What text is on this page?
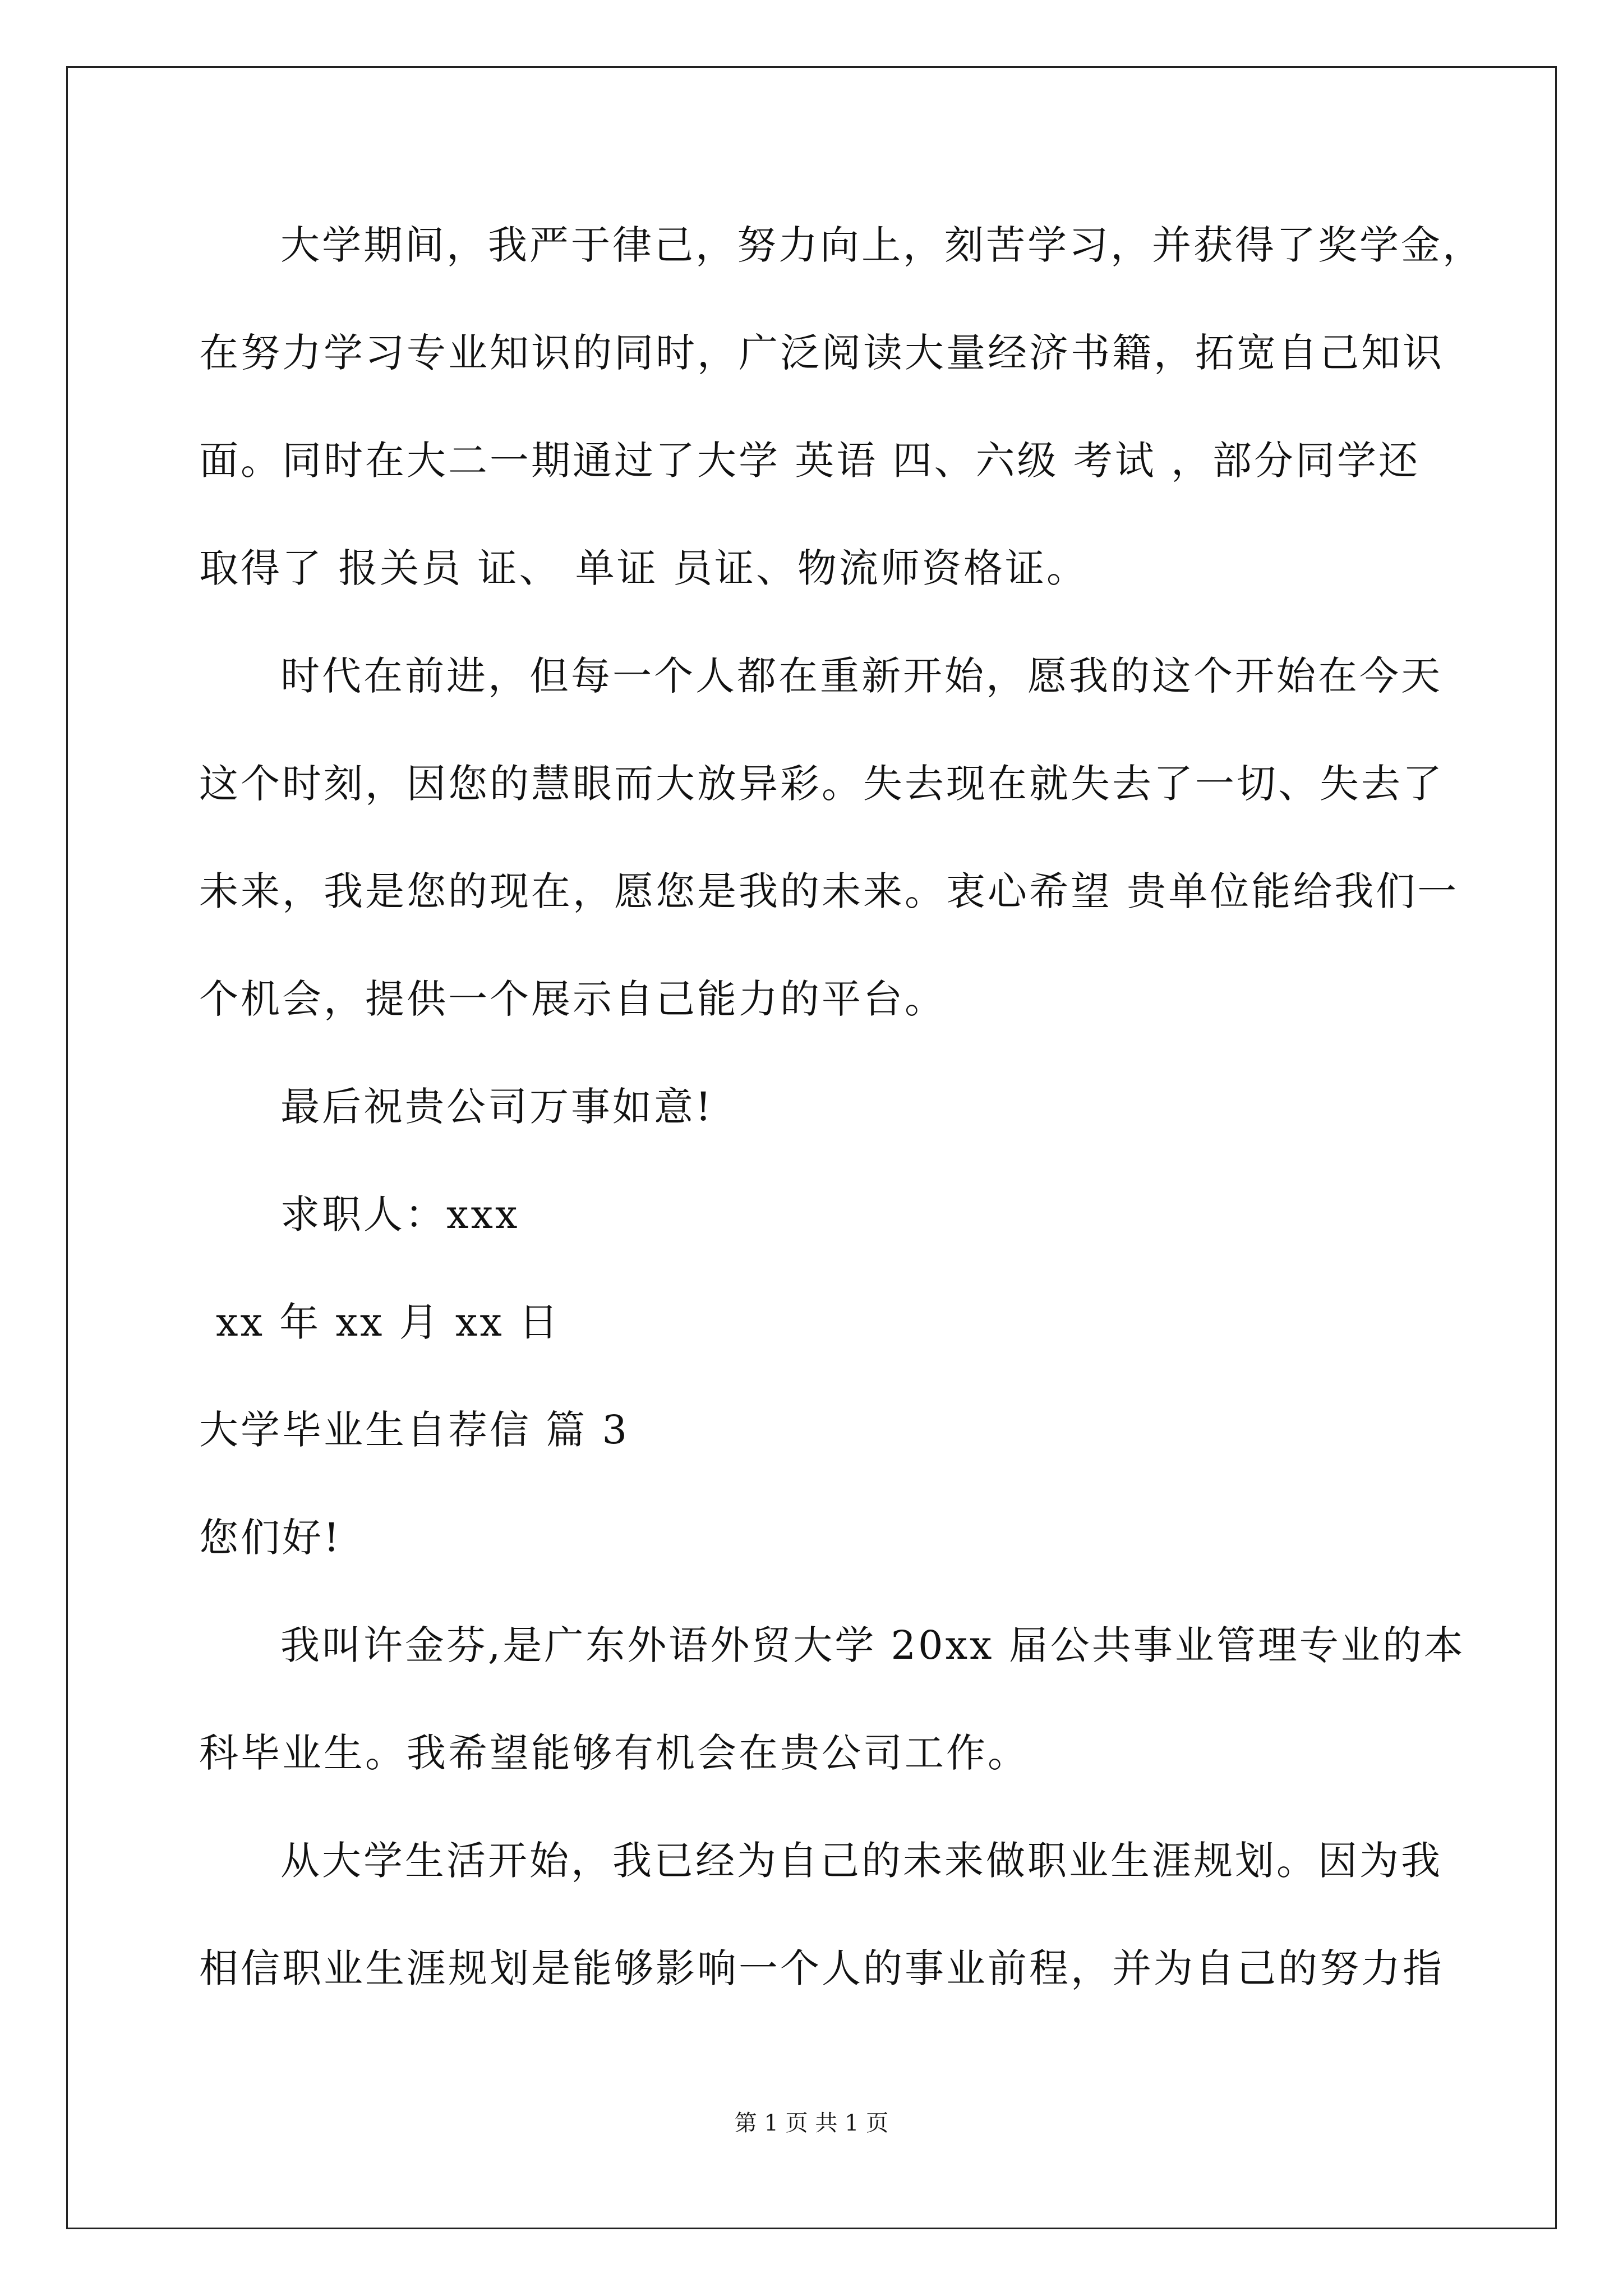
大学期间，我严于律己，努力向上，刻苦学习，并获得了奖学金，
在努力学习专业知识的同时，广泛阅读大量经济书籍，拓宽自己知识
面。同时在大二一期通过了大学 英语 四、六级 考试 ，部分同学还
取得了 报关员 证、 单证 员证、物流师资格证。
时代在前进，但每一个人都在重新开始，愿我的这个开始在今天
这个时刻，因您的慧眼而大放异彩。失去现在就失去了一切、失去了
未来，我是您的现在，愿您是我的未来。衷心希望 贵单位能给我们一
个机会，提供一个展示自己能力的平台。
最后祝贵公司万事如意!
求职人：xxx
xx 年 xx 月 xx 日
大学毕业生自荐信 篇 3
您们好!
我叫许金芬,是广东外语外贸大学 20xx 届公共事业管理专业的本
科毕业生。我希望能够有机会在贵公司工作。
从大学生活开始，我已经为自己的未来做职业生涯规划。因为我
相信职业生涯规划是能够影响一个人的事业前程，并为自己的努力指
第 1 页 共 1 页
